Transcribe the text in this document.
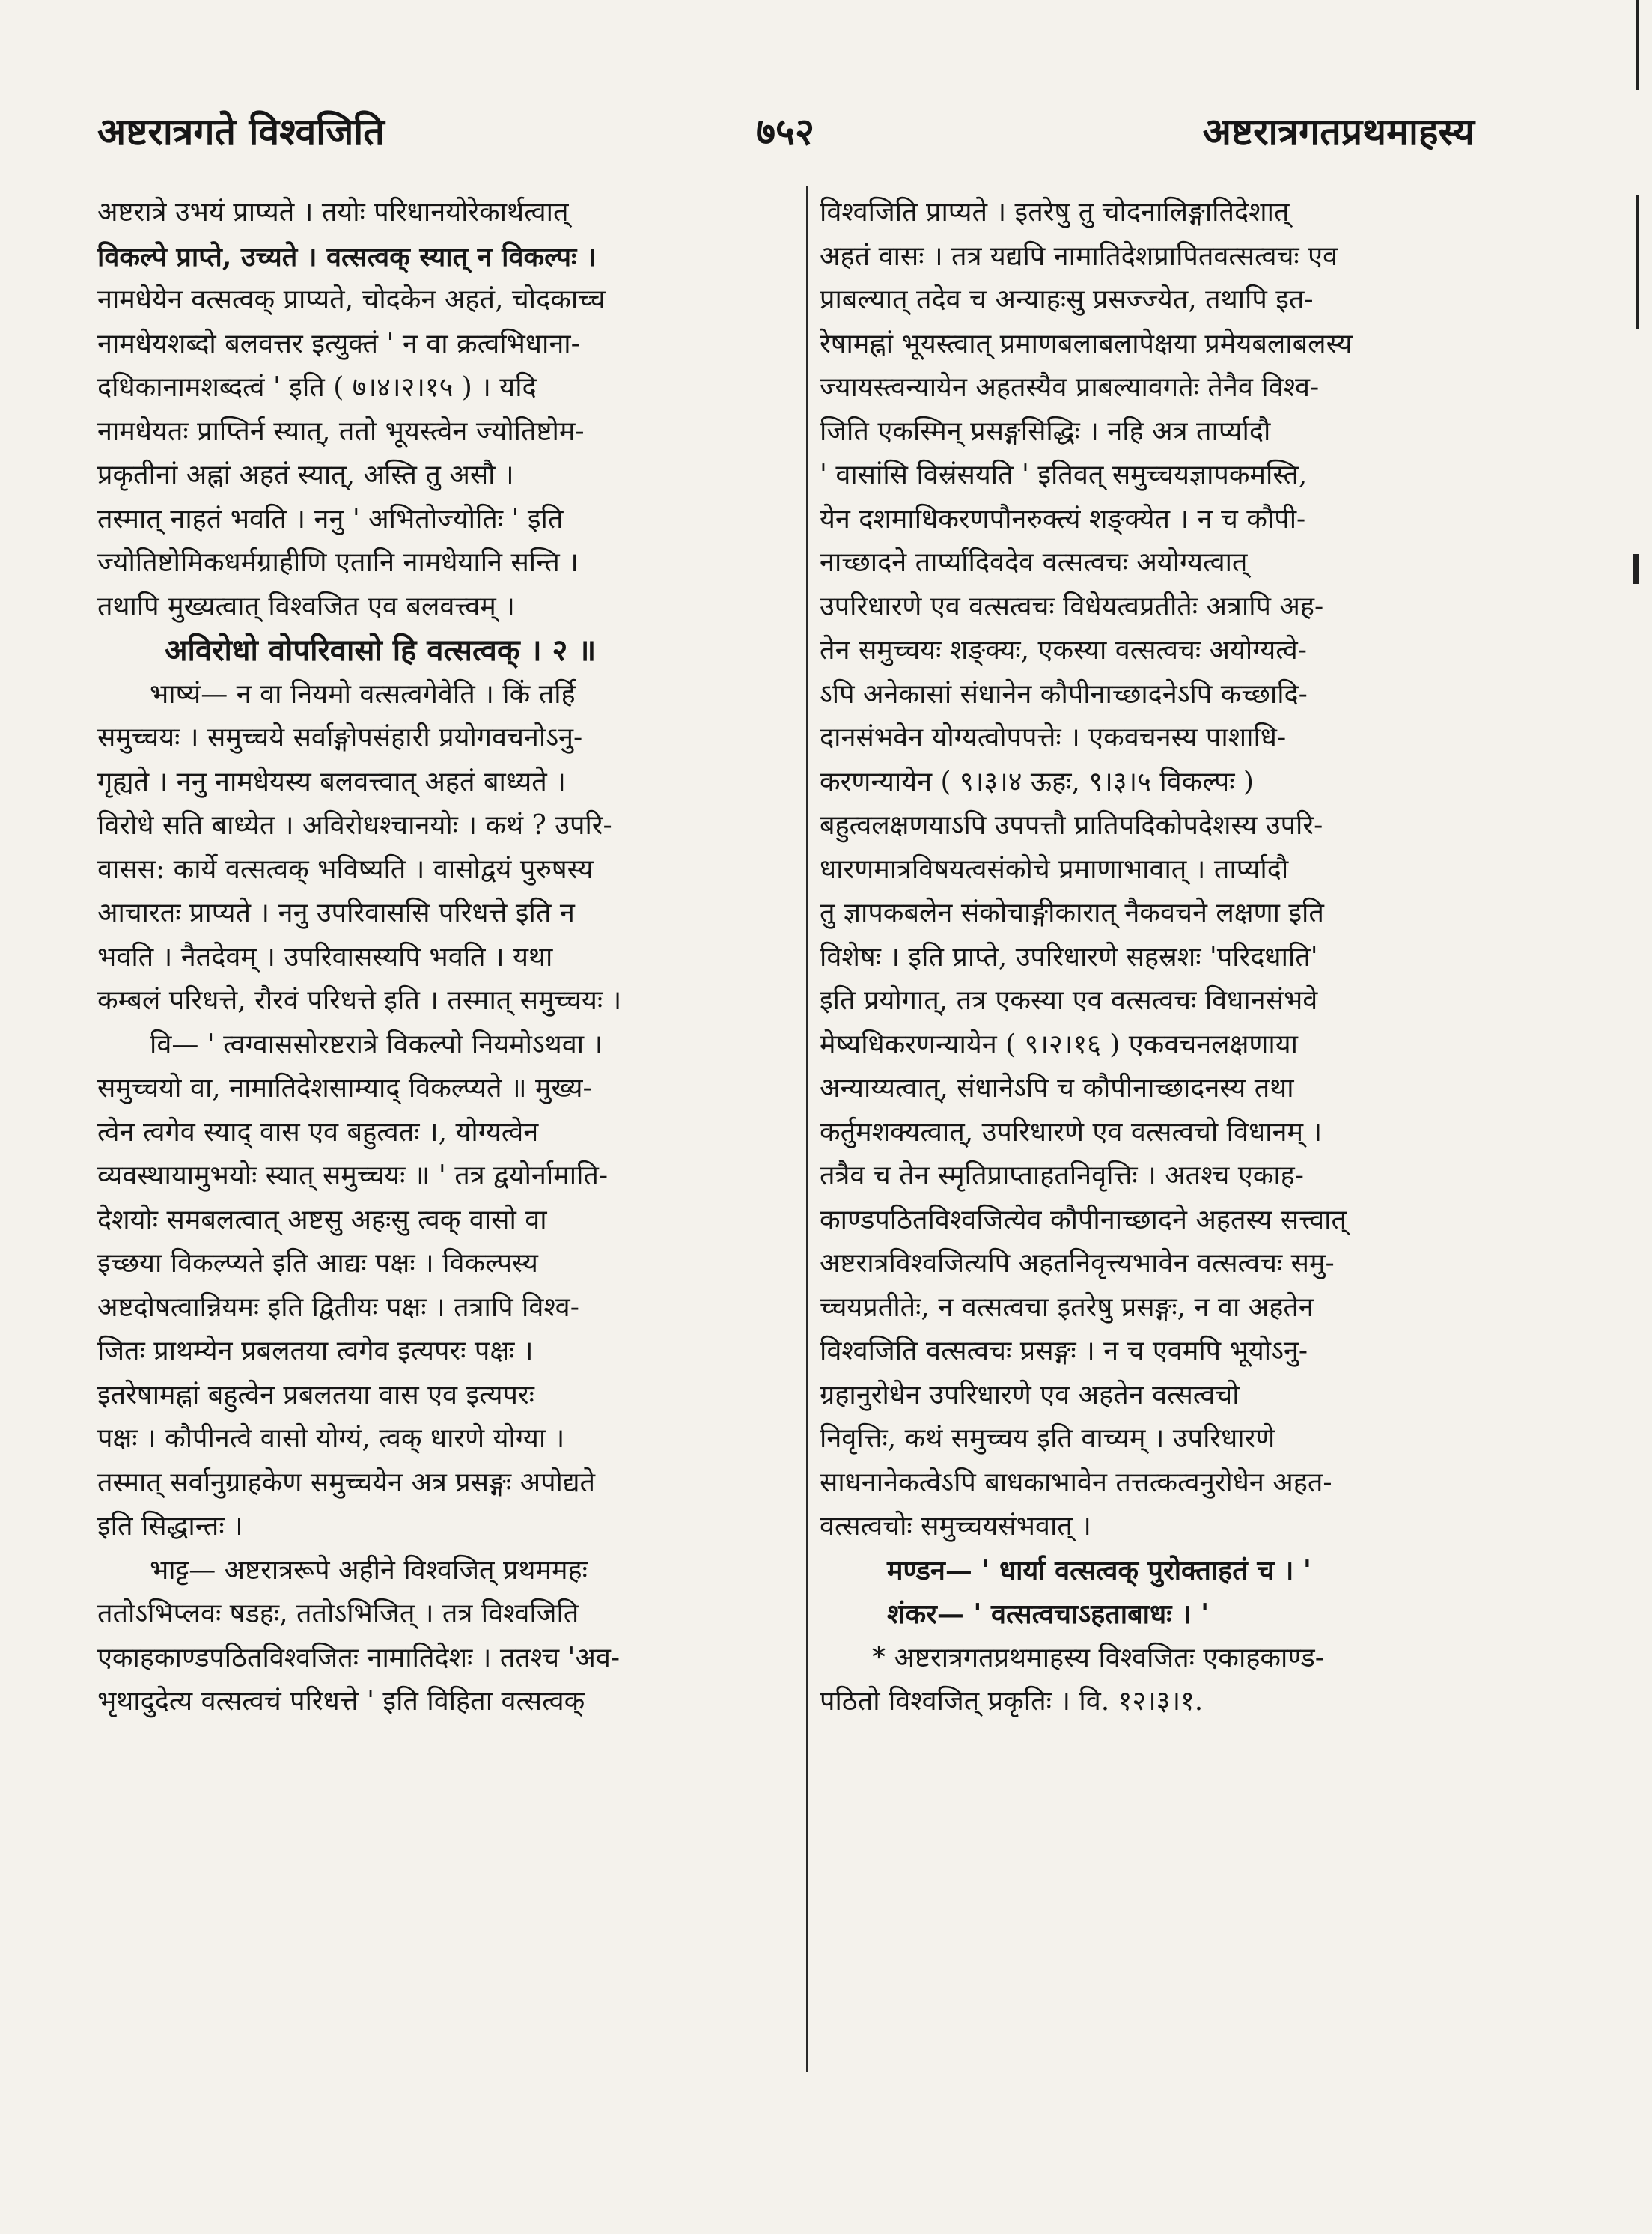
अष्टरात्रगते विश्वजिति	७५२	अष्टरात्रगतप्रथमाहस्य

अष्टरात्रे उभयं प्राप्यते । तयोः परिधानयोरेकार्थत्वात्

विकल्पे प्राप्ते, उच्यते । वत्सत्वक् स्यात् न विकल्पः ।

नामधेयेन वत्सत्वक् प्राप्यते, चोदकेन अहतं, चोदकाच्च

नामधेयशब्दो बलवत्तर इत्युक्तं ' न वा क्रत्वभिधाना-

दधिकानामशब्दत्वं ' इति ( ७।४।२।१५ ) । यदि

नामधेयतः प्राप्तिर्न स्यात्, ततो भूयस्त्वेन ज्योतिष्टोम-

प्रकृतीनां अह्नां अहतं स्यात्, अस्ति तु असौ ।

तस्मात् नाहतं भवति । ननु ' अभितोज्योतिः ' इति

ज्योतिष्टोमिकधर्मग्राहीणि एतानि नामधेयानि सन्ति ।

तथापि मुख्यत्वात् विश्वजित एव बलवत्त्वम् ।

अविरोधो वोपरिवासो हि वत्सत्वक् । २ ॥

भाष्यं— न वा नियमो वत्सत्वगेवेति । किं तर्हि

समुच्चयः । समुच्चये सर्वाङ्गोपसंहारी प्रयोगवचनोऽनु-

गृह्यते । ननु नामधेयस्य बलवत्त्वात् अहतं बाध्यते ।

विरोधे सति बाध्येत । अविरोधश्चानयोः । कथं ? उपरि-

वासस: कार्ये वत्सत्वक् भविष्यति । वासोद्वयं पुरुषस्य

आचारतः प्राप्यते । ननु उपरिवाससि परिधत्ते इति न

भवति । नैतदेवम् । उपरिवासस्यपि भवति । यथा

कम्बलं परिधत्ते, रौरवं परिधत्ते इति । तस्मात् समुच्चयः ।

वि— ' त्वग्वाससोरष्टरात्रे विकल्पो नियमोऽथवा ।

समुच्चयो वा, नामातिदेशसाम्याद् विकल्प्यते ॥ मुख्य-

त्वेन त्वगेव स्याद् वास एव बहुत्वतः ।, योग्यत्वेन

व्यवस्थायामुभयोः स्यात् समुच्चयः ॥ ' तत्र द्वयोर्नामाति-

देशयोः समबलत्वात् अष्टसु अहःसु त्वक् वासो वा

इच्छया विकल्प्यते इति आद्यः पक्षः । विकल्पस्य

अष्टदोषत्वान्नियमः इति द्वितीयः पक्षः । तत्रापि विश्व-

जितः प्राथम्येन प्रबलतया त्वगेव इत्यपरः पक्षः ।

इतरेषामह्नां बहुत्वेन प्रबलतया वास एव इत्यपरः

पक्षः । कौपीनत्वे वासो योग्यं, त्वक् धारणे योग्या ।

तस्मात् सर्वानुग्राहकेण समुच्चयेन अत्र प्रसङ्गः अपोद्यते

इति सिद्धान्तः ।

भाट्ट— अष्टरात्ररूपे अहीने विश्वजित् प्रथममहः

ततोऽभिप्लवः षडहः, ततोऽभिजित् । तत्र विश्वजिति

एकाहकाण्डपठितविश्वजितः नामातिदेशः । ततश्च 'अव-

भृथादुदेत्य वत्सत्वचं परिधत्ते ' इति विहिता वत्सत्वक्

विश्वजिति प्राप्यते । इतरेषु तु चोदनालिङ्गातिदेशात्

अहतं वासः । तत्र यद्यपि नामातिदेशप्रापितवत्सत्वचः एव

प्राबल्यात् तदेव च अन्याहःसु प्रसज्ज्येत, तथापि इत-

रेषामह्नां भूयस्त्वात् प्रमाणबलाबलापेक्षया प्रमेयबलाबलस्य

ज्यायस्त्वन्यायेन अहतस्यैव प्राबल्यावगतेः तेनैव विश्व-

जिति एकस्मिन् प्रसङ्गसिद्धिः । नहि अत्र तार्प्यादौ

' वासांसि विस्रंसयति ' इतिवत् समुच्चयज्ञापकमस्ति,

येन दशमाधिकरणपौनरुक्त्यं शङ्क्येत । न च कौपी-

नाच्छादने तार्प्यादिवदेव वत्सत्वचः अयोग्यत्वात्

उपरिधारणे एव वत्सत्वचः विधेयत्वप्रतीतेः अत्रापि अह-

तेन समुच्चयः शङ्क्यः, एकस्या वत्सत्वचः अयोग्यत्वे-

ऽपि अनेकासां संधानेन कौपीनाच्छादनेऽपि कच्छादि-

दानसंभवेन योग्यत्वोपपत्तेः । एकवचनस्य पाशाधि-

करणन्यायेन ( ९।३।४ ऊहः, ९।३।५ विकल्पः )

बहुत्वलक्षणयाऽपि उपपत्तौ प्रातिपदिकोपदेशस्य उपरि-

धारणमात्रविषयत्वसंकोचे प्रमाणाभावात् । तार्प्यादौ

तु ज्ञापकबलेन संकोचाङ्गीकारात् नैकवचने लक्षणा इति

विशेषः । इति प्राप्ते, उपरिधारणे सहस्रशः 'परिदधाति'

इति प्रयोगात्, तत्र एकस्या एव वत्सत्वचः विधानसंभवे

मेष्यधिकरणन्यायेन ( ९।२।१६ ) एकवचनलक्षणाया

अन्याय्यत्वात्, संधानेऽपि च कौपीनाच्छादनस्य तथा

कर्तुमशक्यत्वात्, उपरिधारणे एव वत्सत्वचो विधानम् ।

तत्रैव च तेन स्मृतिप्राप्ताहतनिवृत्तिः । अतश्च एकाह-

काण्डपठितविश्वजित्येव कौपीनाच्छादने अहतस्य सत्त्वात्

अष्टरात्रविश्वजित्यपि अहतनिवृत्त्यभावेन वत्सत्वचः समु-

च्चयप्रतीतेः, न वत्सत्वचा इतरेषु प्रसङ्गः, न वा अहतेन

विश्वजिति वत्सत्वचः प्रसङ्गः । न च एवमपि भूयोऽनु-

ग्रहानुरोधेन उपरिधारणे एव अहतेन वत्सत्वचो

निवृत्तिः, कथं समुच्चय इति वाच्यम् । उपरिधारणे

साधनानेकत्वेऽपि बाधकाभावेन तत्तत्कत्वनुरोधेन अहत-

वत्सत्वचोः समुच्चयसंभवात् ।

मण्डन— ' धार्या वत्सत्वक् पुरोक्ताहतं च । '

शंकर— ' वत्सत्वचाऽहताबाधः । '

* अष्टरात्रगतप्रथमाहस्य विश्वजितः एकाहकाण्ड-

पठितो विश्वजित् प्रकृतिः । वि. १२।३।१.
